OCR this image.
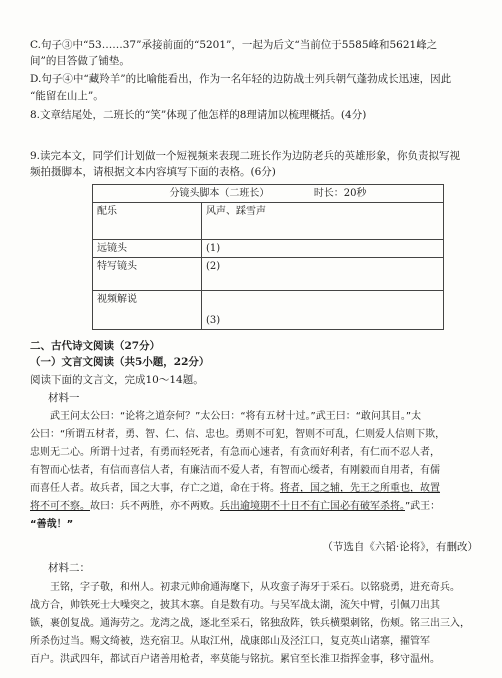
C.句子③中“53……37”承接前面的“5201”，一起为后文“当前位于5585峰和5621峰之

间”的目答做了铺垫。

D.句子④中“藏羚羊”的比喻能看出，作为一名年轻的边防战士列兵朝气蓬勃成长迅速，因此

“能留在山上”。

8.文章结尾处，二班长的“笑”体现了他怎样的8理请加以梳理概括。(4分)

9.读完本文，同学们计划做一个短视频来表现二班长作为边防老兵的英雄形象，你负责拟写视

频拍摄脚本，请根据文本内容填写下面的表格。(6分)

分镜头脚本（二班长） 时长：20秒	
配乐	风声、踩雪声
远镜头	(1)
特写镜头	(2)
视频解说	(3)

二、古代诗文阅读（27分）

（一）文言文阅读（共5小题，22分）

阅读下面的文言文，完成10～14题。

材料一

武王问太公曰：“论将之道奈何？”太公曰：“将有五材十过。”武王曰：“敢问其目。”太

公曰：“所谓五材者，勇、智、仁、信、忠也。勇则不可犯，智则不可乱，仁则爱人信则下欺，

忠则无二心。所谓十过者，有勇而轻死者，有急而心速者，有贪而好利者，有仁而不忍人者，

有智而心怯者，有信而喜信人者，有廉洁而不爱人者，有智而心缓者，有刚毅而自用者，有儒

而喜任人者。故兵者，国之大事，存亡之道，命在于将。将者，国之辅，先王之所重也，故置

将不可不察。故曰：兵不两胜，亦不两败。兵出逾境期不十日不有亡国必有破军杀将。”武王：

“善哉！”

（节选自《六韬·论将》，有删改）

材料二：

王铭，字子敬，和州人。初隶元帅俞通海麾下，从攻蛮子海牙于采石。以铭骁勇，进充奇兵。

战方合，帅铁死士大噪突之，披其木寨。自是数有功。与吴军战太湖，流矢中臂，引佩刀出其

镞，裹创复战。通海劳之。龙湾之战，逐北至采石，铭独敌阵，铁兵横槊刺铭，伤颊。铭三出三入，

所杀伤过当。赐文绮被，迭充宿卫。从取江州，战康郎山及泾江口，复克英山诸寨，擢管军

百户。洪武四年，都试百户诸善用枪者，率莫能与铭抗。累官至长淮卫指挥金事，移守温州。
